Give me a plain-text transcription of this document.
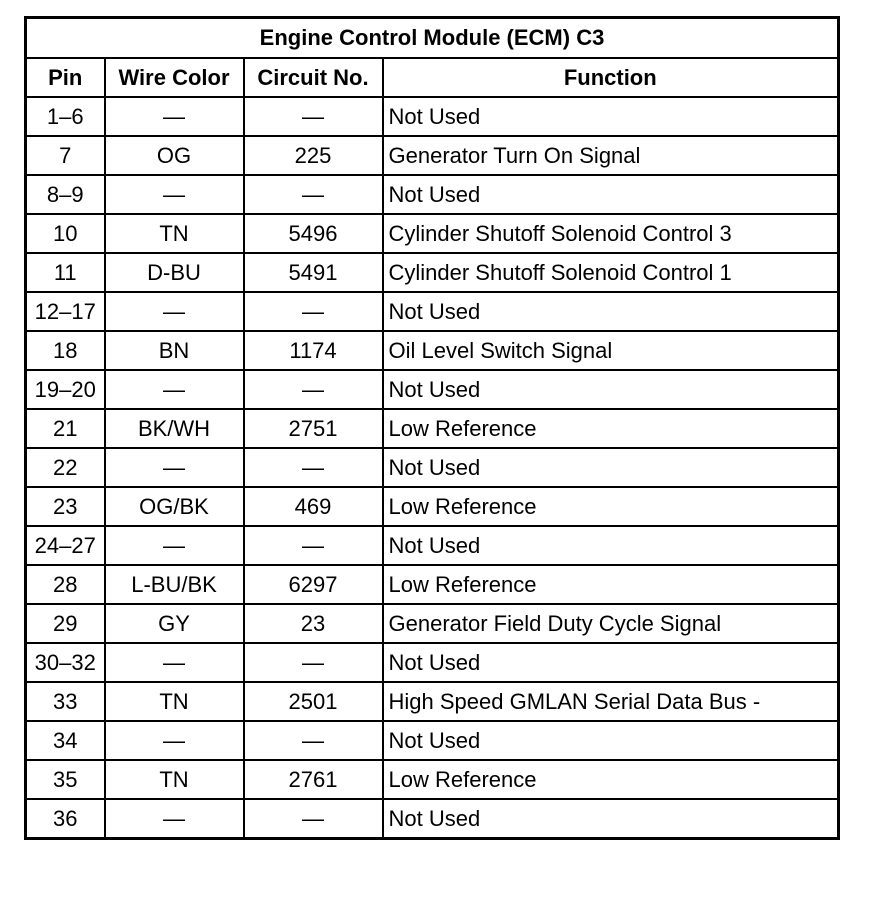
Engine Control Module (ECM) C3			
Pin	Wire Color	Circuit No.	Function
1–6	—	—	Not Used
7	OG	225	Generator Turn On Signal
8–9	—	—	Not Used
10	TN	5496	Cylinder Shutoff Solenoid Control 3
11	D-BU	5491	Cylinder Shutoff Solenoid Control 1
12–17	—	—	Not Used
18	BN	1174	Oil Level Switch Signal
19–20	—	—	Not Used
21	BK/WH	2751	Low Reference
22	—	—	Not Used
23	OG/BK	469	Low Reference
24–27	—	—	Not Used
28	L-BU/BK	6297	Low Reference
29	GY	23	Generator Field Duty Cycle Signal
30–32	—	—	Not Used
33	TN	2501	High Speed GMLAN Serial Data Bus -
34	—	—	Not Used
35	TN	2761	Low Reference
36	—	—	Not Used
